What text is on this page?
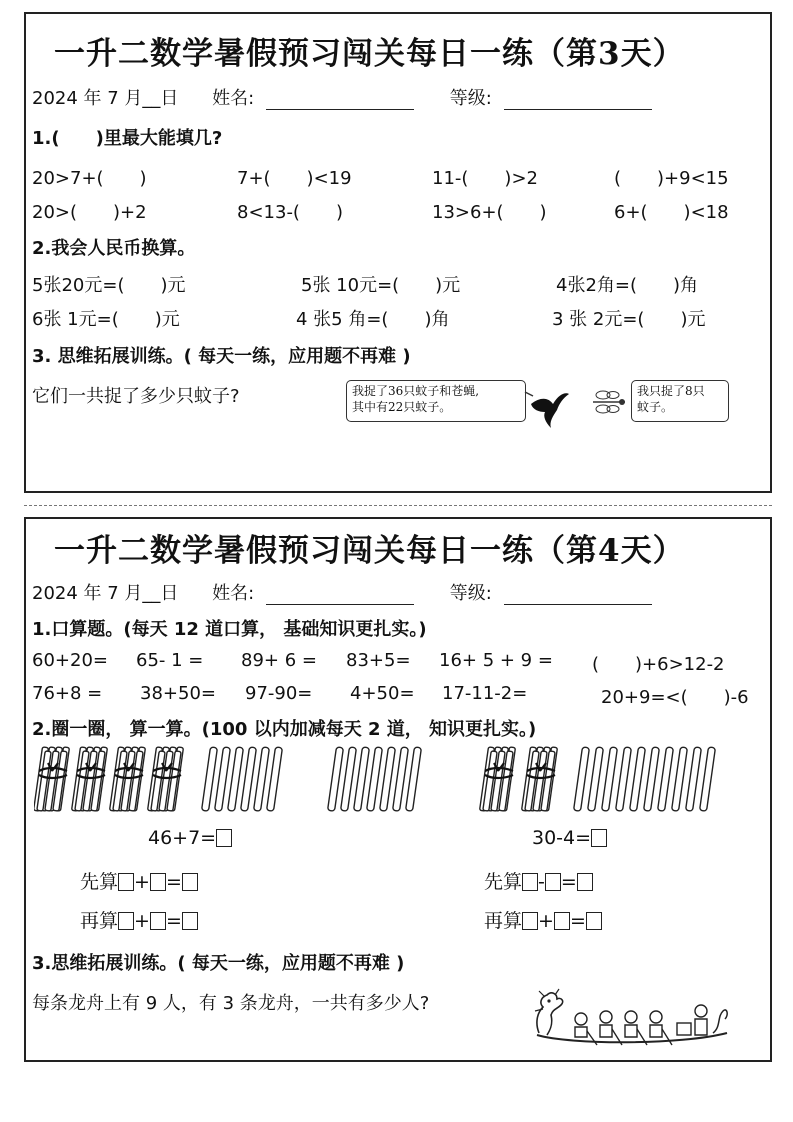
一升二数学暑假预习闯关每日一练（第3天）
2024 年 7 月__日 姓名:	等级:
1.(　　)里最大能填几?
20>7+(　　)	7+(　　)<19	11-(　　)>2	(　　)+9<15
20>(　　)+2	8<13-(　　)	13>6+(　　)	6+(　　)<18
2.我会人民币换算。
5张20元=(　　)元	5张 10元=(　　)元	4张2角=(　　)角
6张 1元=(　　)元	4 张5 角=(　　)角	3 张 2元=(　　)元
3. 思维拓展训练。( 每天一练，应用题不再难 )
它们一共捉了多少只蚊子?	我捉了36只蚊子和苍蝇,
其中有22只蚊子。
我只捉了8只
蚊子。
一升二数学暑假预习闯关每日一练（第4天）
2024 年 7 月__日 姓名:	等级:
1.口算题。(每天 12 道口算， 基础知识更扎实。)
60+20= 65- 1 = 89+ 6 = 83+5= 16+ 5 + 9 = (　　)+6>12-2
76+8 = 38+50= 97-90= 4+50= 17-11-2=	20+9=<(　　)-6
2.圈一圈， 算一算。(100 以内加减每天 2 道， 知识更扎实。)
46+7=	30-4=
先算 + =	先算 - =
再算 + =	再算 + =
3.思维拓展训练。( 每天一练，应用题不再难 )
每条龙舟上有 9 人，有 3 条龙舟，一共有多少人?
